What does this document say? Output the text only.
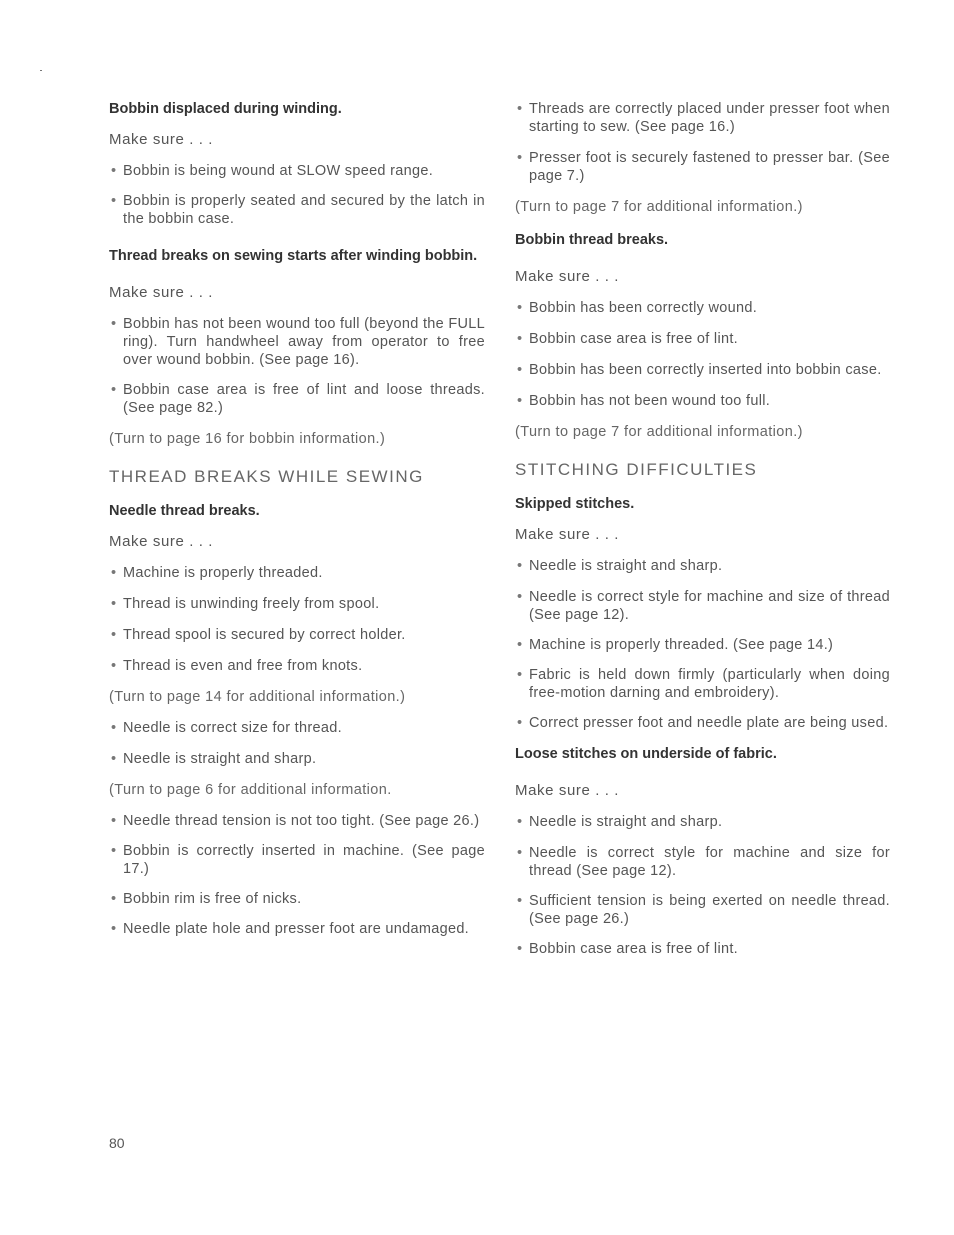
Bobbin displaced during winding.

Make sure . . .

• Bobbin is being wound at SLOW speed range.
• Bobbin is properly seated and secured by the latch in the bobbin case.

Thread breaks on sewing starts after winding bobbin.

Make sure . . .

• Bobbin has not been wound too full (beyond the FULL ring). Turn handwheel away from operator to free over wound bobbin. (See page 16).
• Bobbin case area is free of lint and loose threads. (See page 82.)

(Turn to page 16 for bobbin information.)

THREAD BREAKS WHILE SEWING

Needle thread breaks.

Make sure . . .

• Machine is properly threaded.
• Thread is unwinding freely from spool.
• Thread spool is secured by correct holder.
• Thread is even and free from knots.

(Turn to page 14 for additional information.)

• Needle is correct size for thread.
• Needle is straight and sharp.

(Turn to page 6 for additional information.

• Needle thread tension is not too tight. (See page 26.)
• Bobbin is correctly inserted in machine. (See page 17.)
• Bobbin rim is free of nicks.
• Needle plate hole and presser foot are undamaged.
• Threads are correctly placed under presser foot when starting to sew. (See page 16.)
• Presser foot is securely fastened to presser bar. (See page 7.)

(Turn to page 7 for additional information.)

Bobbin thread breaks.

Make sure . . .

• Bobbin has been correctly wound.
• Bobbin case area is free of lint.
• Bobbin has been correctly inserted into bobbin case.
• Bobbin has not been wound too full.

(Turn to page 7 for additional information.)

STITCHING DIFFICULTIES

Skipped stitches.

Make sure . . .

• Needle is straight and sharp.
• Needle is correct style for machine and size of thread (See page 12).
• Machine is properly threaded. (See page 14.)
• Fabric is held down firmly (particularly when doing free-motion darning and embroidery).
• Correct presser foot and needle plate are being used.

Loose stitches on underside of fabric.

Make sure . . .

• Needle is straight and sharp.
• Needle is correct style for machine and size for thread (See page 12).
• Sufficient tension is being exerted on needle thread. (See page 26.)
• Bobbin case area is free of lint.
80
